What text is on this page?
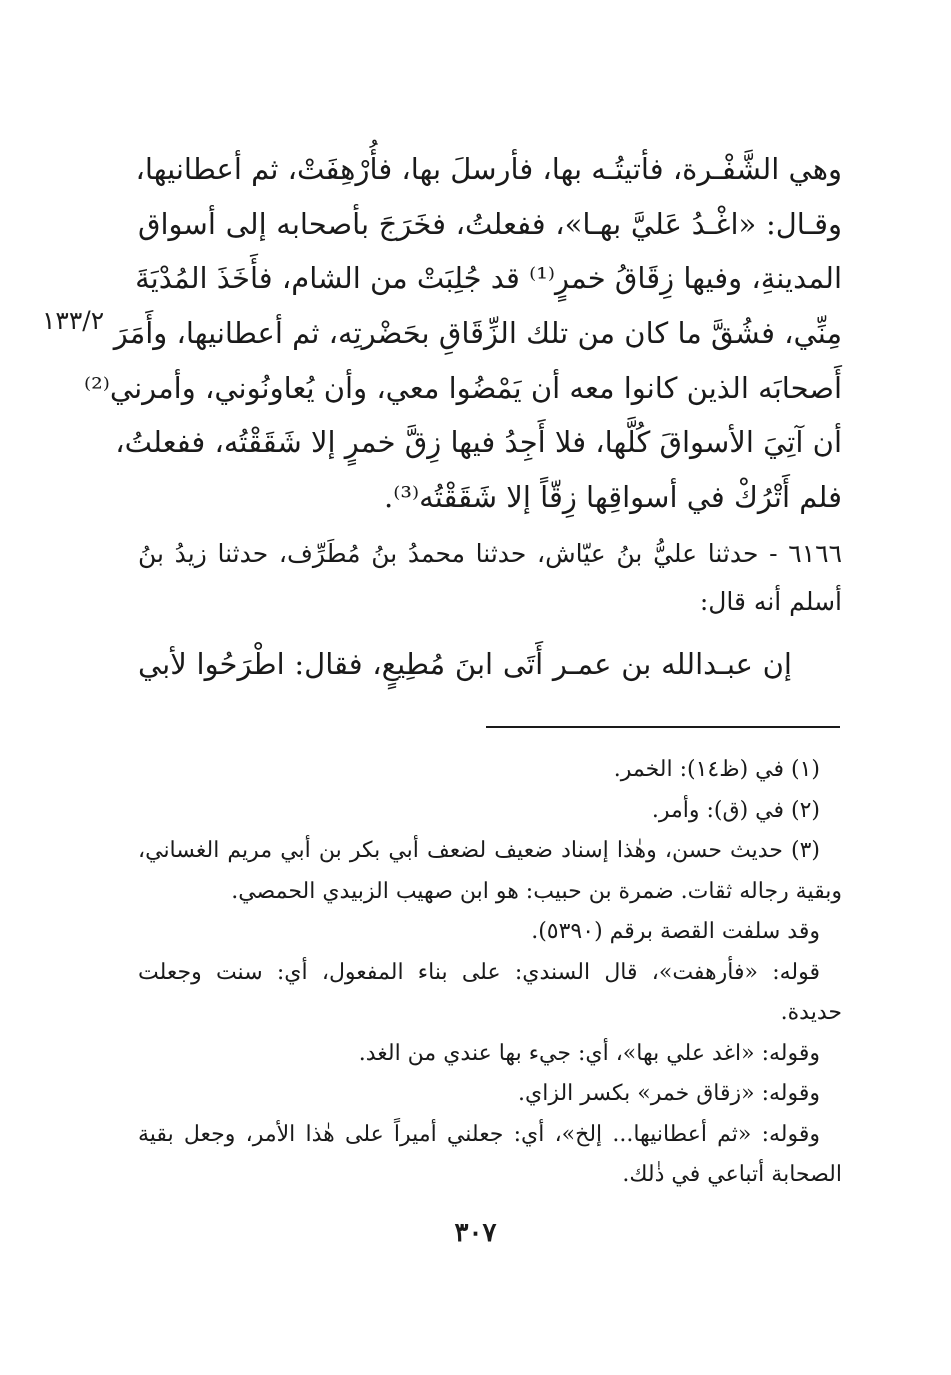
١٣٣/٢
وهي الشَّفْـرة، فأتيتُـه بها، فأرسلَ بها، فأُرْهِفَتْ، ثم أعطانيها،
وقـال: «اغْـدُ عَليَّ بهـا»، ففعلتُ، فخَرَجَ بأصحابه إلى أسواق
المدينةِ، وفيها زِقَاقُ خمرٍ⁽¹⁾ قد جُلِبَتْ من الشام، فأَخَذَ المُدْيَةَ
مِنِّي، فشُقَّ ما كان من تلك الزِّقَاقِ بحَضْرتِه، ثم أعطانيها، وأَمَرَ
أَصحابَه الذين كانوا معه أن يَمْضُوا معي، وأن يُعاونُوني، وأمرني⁽²⁾
أن آتِيَ الأسواقَ كُلَّها، فلا أَجِدُ فيها زِقَّ خمرٍ إلا شَقَقْتُه، ففعلتُ،
فلم أَتْرُكْ في أسواقِها زِقّاً إلا شَقَقْتُه⁽³⁾.
٦١٦٦ - حدثنا عليُّ بنُ عيّاش، حدثنا محمدُ بنُ مُطَرِّف، حدثنا زيدُ بنُ
أسلم أنه قال:
إن عبـدالله بن عمـر أَتَى ابنَ مُطِيعٍ، فقال: اطْرَحُوا لأبي
(١) في (ظ١٤): الخمر.
(٢) في (ق): وأمر.
(٣) حديث حسن، وهٰذا إسناد ضعيف لضعف أبي بكر بن أبي مريم الغساني،
وبقية رجاله ثقات. ضمرة بن حبيب: هو ابن صهيب الزبيدي الحمصي.
وقد سلفت القصة برقم (٥٣٩٠).
قوله: «فأرهفت»، قال السندي: على بناء المفعول، أي: سنت وجعلت
حديدة.
وقوله: «اغد علي بها»، أي: جيء بها عندي من الغد.
وقوله: «زقاق خمر» بكسر الزاي.
وقوله: «ثم أعطانيها... إلخ»، أي: جعلني أميراً على هٰذا الأمر، وجعل بقية
الصحابة أتباعي في ذٰلك.
٣٠٧
